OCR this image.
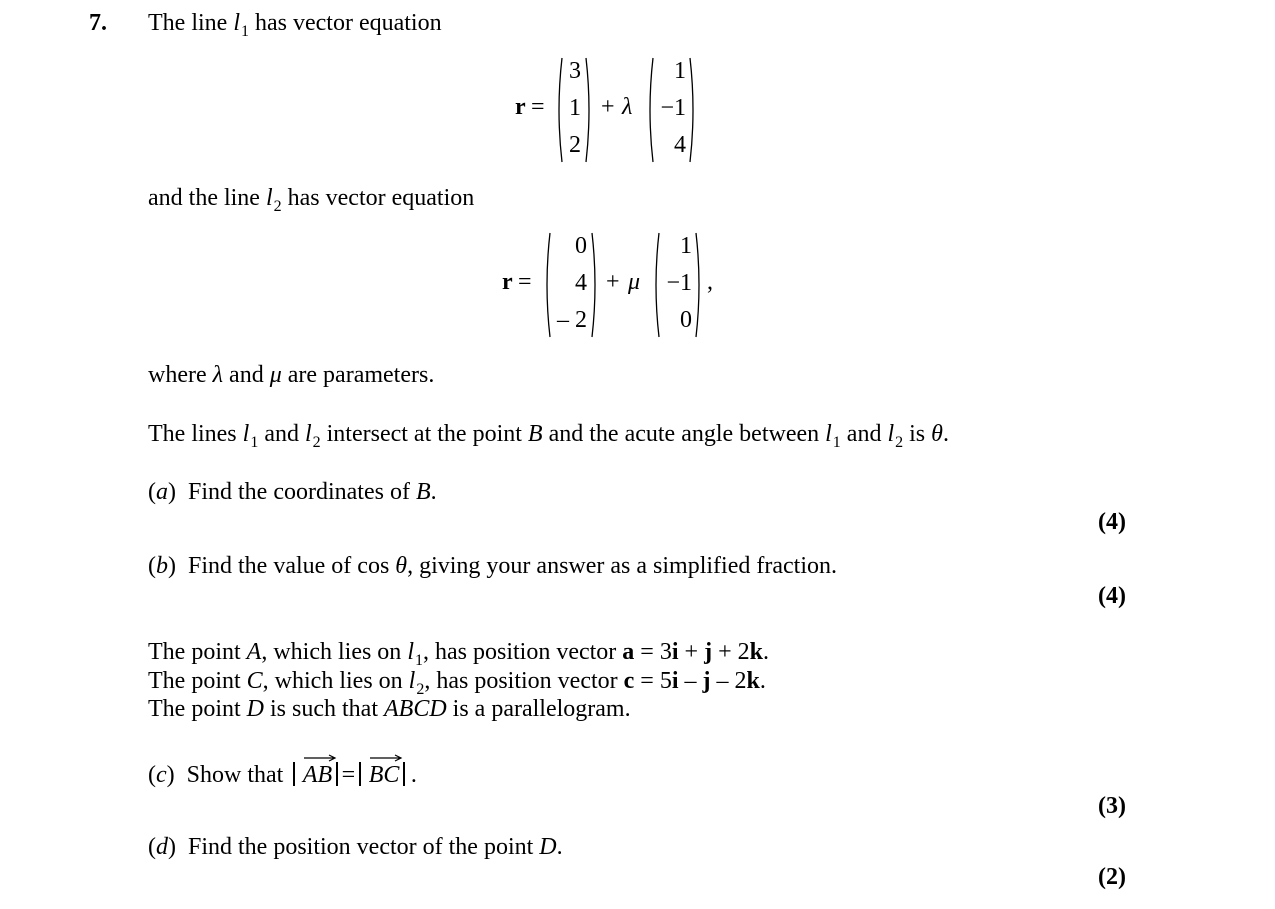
7. The line $l_1$ has vector equation
r =
3
1
2
+ λ
1
−1
4
and the line $l_2$ has vector equation
r =
0
4
– 2
+ μ
1
−1
0
,
where λ and μ are parameters.
The lines $l_1$ and $l_2$ intersect at the point B and the acute angle between $l_1$ and $l_2$ is θ.
(a) Find the coordinates of B.
(4)
(b) Find the value of cos θ, giving your answer as a simplified fraction.
(4)
The point A, which lies on $l_1$, has position vector a = 3i + j + 2k.
The point C, which lies on $l_2$, has position vector c = 5i – j – 2k.
The point D is such that ABCD is a parallelogram.
(c) Show that AB = BC .
(3)
(d) Find the position vector of the point D.
(2)
